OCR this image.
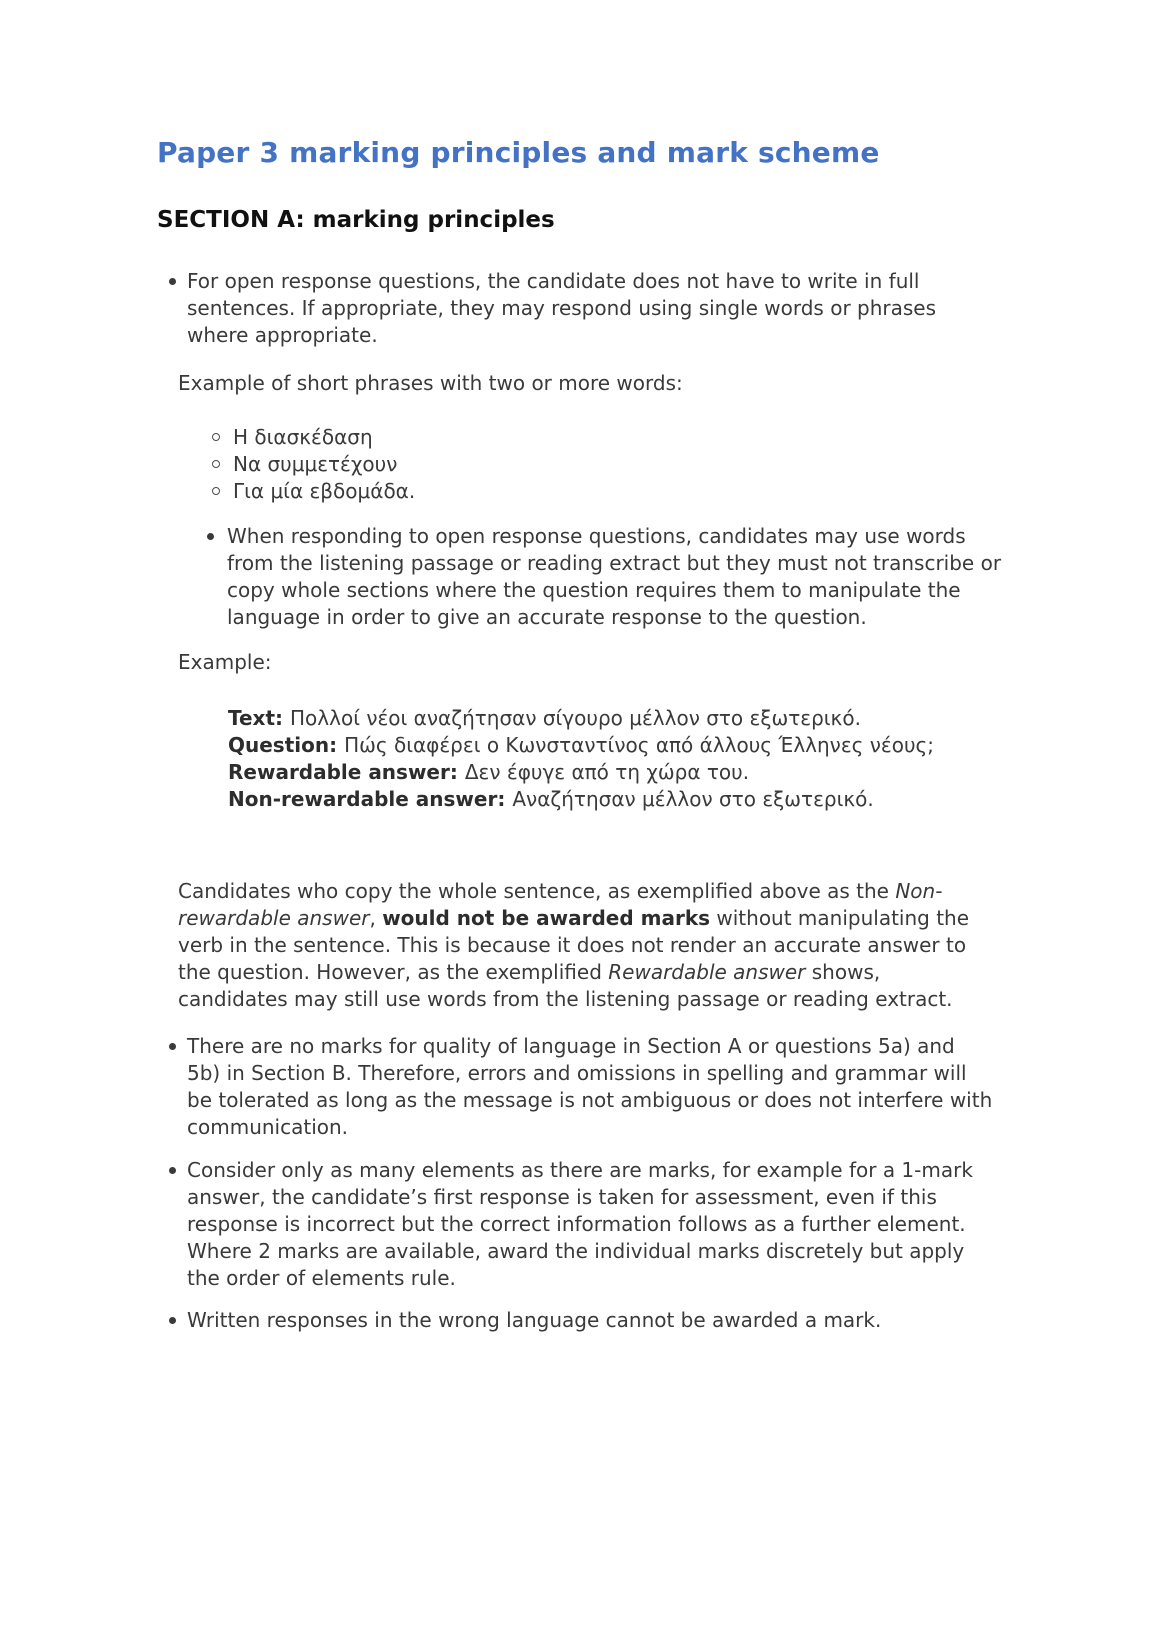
Paper 3 marking principles and mark scheme
SECTION A: marking principles
For open response questions, the candidate does not have to write in full
sentences. If appropriate, they may respond using single words or phrases
where appropriate.
Example of short phrases with two or more words:
Η διασκέδαση
Να συμμετέχουν
Για μία εβδομάδα.
When responding to open response questions, candidates may use words
from the listening passage or reading extract but they must not transcribe or
copy whole sections where the question requires them to manipulate the
language in order to give an accurate response to the question.
Example:
Text: Πολλοί νέοι αναζήτησαν σίγουρο μέλλον στο εξωτερικό.
Question: Πώς διαφέρει ο Κωνσταντίνος από άλλους Έλληνες νέους;
Rewardable answer: Δεν έφυγε από τη χώρα του.
Non-rewardable answer: Αναζήτησαν μέλλον στο εξωτερικό.
Candidates who copy the whole sentence, as exemplified above as the Non-
rewardable answer, would not be awarded marks without manipulating the
verb in the sentence. This is because it does not render an accurate answer to
the question. However, as the exemplified Rewardable answer shows,
candidates may still use words from the listening passage or reading extract.
There are no marks for quality of language in Section A or questions 5a) and
5b) in Section B. Therefore, errors and omissions in spelling and grammar will
be tolerated as long as the message is not ambiguous or does not interfere with
communication.
Consider only as many elements as there are marks, for example for a 1-mark
answer, the candidate’s first response is taken for assessment, even if this
response is incorrect but the correct information follows as a further element.
Where 2 marks are available, award the individual marks discretely but apply
the order of elements rule.
Written responses in the wrong language cannot be awarded a mark.
